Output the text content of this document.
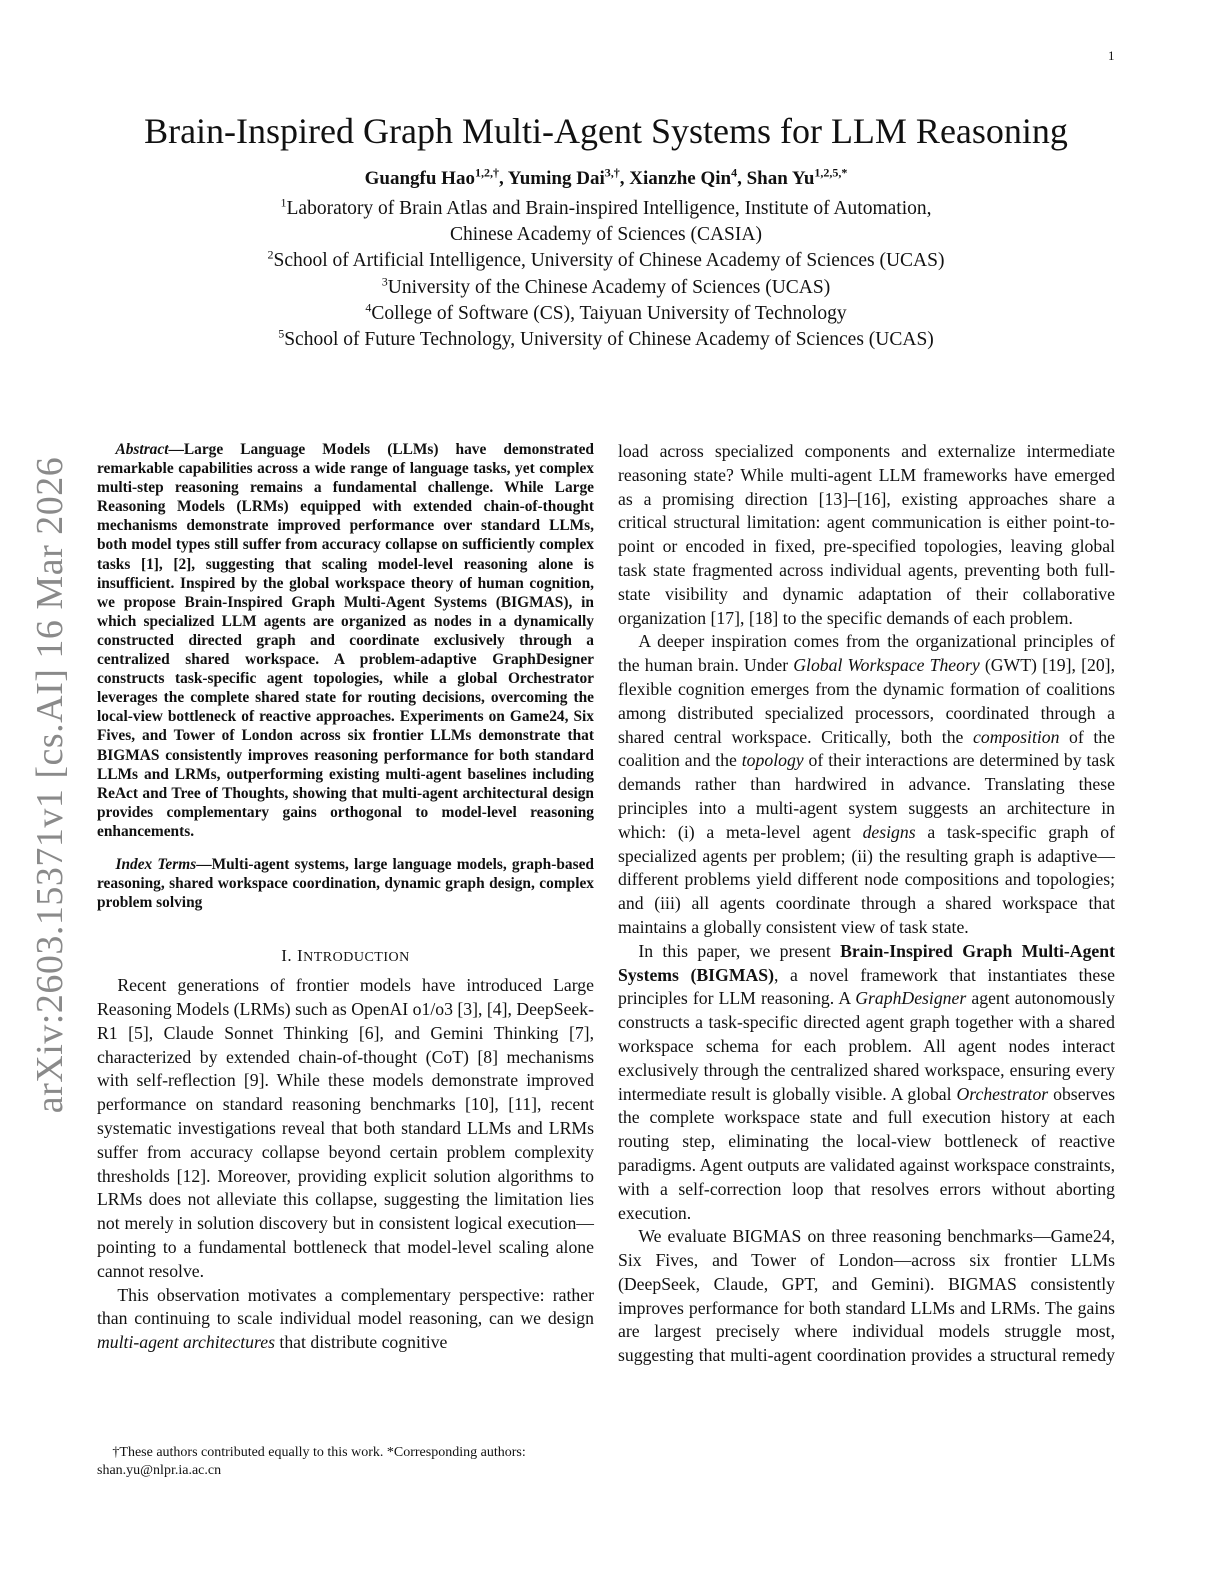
1
arXiv:2603.15371v1 [cs.AI] 16 Mar 2026
Brain-Inspired Graph Multi-Agent Systems for LLM Reasoning
Guangfu Hao$^{1,2,\dagger}$, Yuming Dai$^{3,\dagger}$, Xianzhe Qin$^4$, Shan $Yu^{1,2,5,*}$
$^1$Laboratory of Brain Atlas and Brain-inspired Intelligence, Institute of Automation,
Chinese Academy of Sciences (CASIA)
$^2$School of Artificial Intelligence, University of Chinese Academy of Sciences (UCAS)
$^3$University of the Chinese Academy of Sciences (UCAS)
$^4$College of Software (CS), Taiyuan University of Technology
$^5$School of Future Technology, University of Chinese Academy of Sciences (UCAS)

Abstract—Large Language Models (LLMs) have demonstrated remarkable capabilities across a wide range of language tasks, yet complex multi-step reasoning remains a fundamental challenge. While Large Reasoning Models (LRMs) equipped with extended chain-of-thought mechanisms demonstrate improved performance over standard LLMs, both model types still suffer from accuracy collapse on sufficiently complex tasks [1], [2], suggesting that scaling model-level reasoning alone is insufficient. Inspired by the global workspace theory of human cognition, we propose Brain-Inspired Graph Multi-Agent Systems (BIGMAS), in which specialized LLM agents are organized as nodes in a dynamically constructed directed graph and coordinate exclusively through a centralized shared workspace. A problem-adaptive GraphDesigner constructs task-specific agent topologies, while a global Orchestrator leverages the complete shared state for routing decisions, overcoming the local-view bottleneck of reactive approaches. Experiments on Game24, Six Fives, and Tower of London across six frontier LLMs demonstrate that BIGMAS consistently improves reasoning performance for both standard LLMs and LRMs, outperforming existing multi-agent baselines including ReAct and Tree of Thoughts, showing that multi-agent architectural design provides complementary gains orthogonal to model-level reasoning enhancements.

Index Terms—Multi-agent systems, large language models, graph-based reasoning, shared workspace coordination, dynamic graph design, complex problem solving

I. INTRODUCTION

Recent generations of frontier models have introduced Large Reasoning Models (LRMs) such as OpenAI o1/o3 [3], [4], DeepSeek-R1 [5], Claude Sonnet Thinking [6], and Gemini Thinking [7], characterized by extended chain-of-thought (CoT) [8] mechanisms with self-reflection [9]. While these models demonstrate improved performance on standard reasoning benchmarks [10], [11], recent systematic investigations reveal that both standard LLMs and LRMs suffer from accuracy collapse beyond certain problem complexity thresholds [12]. Moreover, providing explicit solution algorithms to LRMs does not alleviate this collapse, suggesting the limitation lies not merely in solution discovery but in consistent logical execution—pointing to a fundamental bottleneck that model-level scaling alone cannot resolve.

This observation motivates a complementary perspective: rather than continuing to scale individual model reasoning, can we design multi-agent architectures that distribute cognitive

†These authors contributed equally to this work. *Corresponding authors: shan.yu@nlpr.ia.ac.cn

load across specialized components and externalize intermediate reasoning state? While multi-agent LLM frameworks have emerged as a promising direction [13]–[16], existing approaches share a critical structural limitation: agent communication is either point-to-point or encoded in fixed, pre-specified topologies, leaving global task state fragmented across individual agents, preventing both full-state visibility and dynamic adaptation of their collaborative organization [17], [18] to the specific demands of each problem.

A deeper inspiration comes from the organizational principles of the human brain. Under Global Workspace Theory (GWT) [19], [20], flexible cognition emerges from the dynamic formation of coalitions among distributed specialized processors, coordinated through a shared central workspace. Critically, both the composition of the coalition and the topology of their interactions are determined by task demands rather than hardwired in advance. Translating these principles into a multi-agent system suggests an architecture in which: (i) a meta-level agent designs a task-specific graph of specialized agents per problem; (ii) the resulting graph is adaptive—different problems yield different node compositions and topologies; and (iii) all agents coordinate through a shared workspace that maintains a globally consistent view of task state.

In this paper, we present Brain-Inspired Graph Multi-Agent Systems (BIGMAS), a novel framework that instantiates these principles for LLM reasoning. A GraphDesigner agent autonomously constructs a task-specific directed agent graph together with a shared workspace schema for each problem. All agent nodes interact exclusively through the centralized shared workspace, ensuring every intermediate result is globally visible. A global Orchestrator observes the complete workspace state and full execution history at each routing step, eliminating the local-view bottleneck of reactive paradigms. Agent outputs are validated against workspace constraints, with a self-correction loop that resolves errors without aborting execution.

We evaluate BIGMAS on three reasoning benchmarks—Game24, Six Fives, and Tower of London—across six frontier LLMs (DeepSeek, Claude, GPT, and Gemini). BIGMAS consistently improves performance for both standard LLMs and LRMs. The gains are largest precisely where individual models struggle most, suggesting that multi-agent coordination provides a structural remedy
